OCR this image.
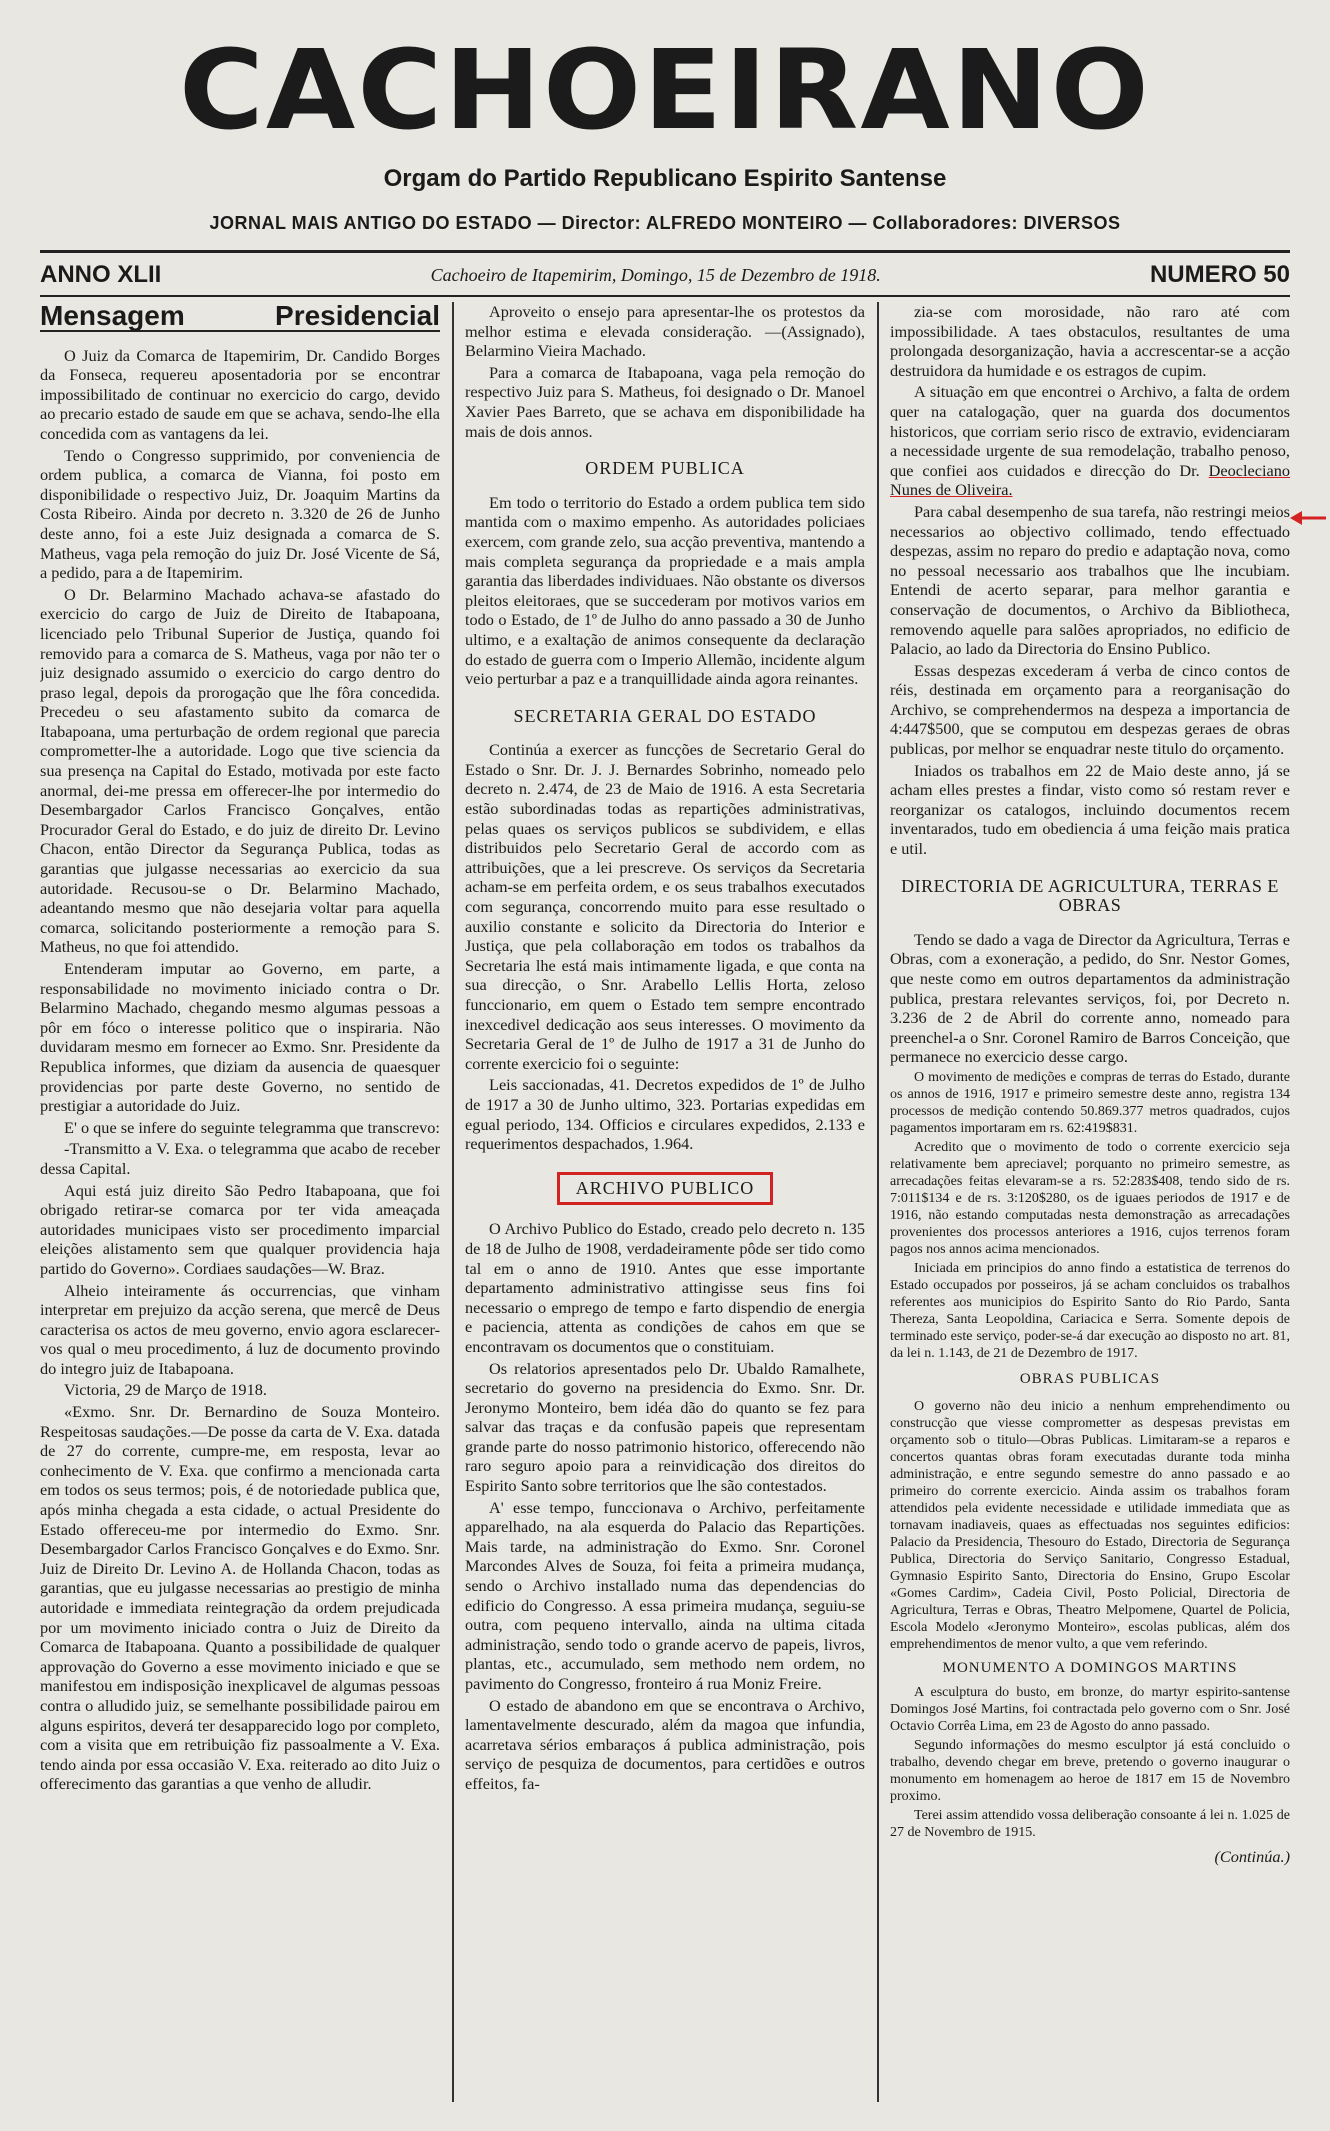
CACHOEIRANO
Orgam do Partido Republicano Espirito Santense
JORNAL MAIS ANTIGO DO ESTADO — Director: ALFREDO MONTEIRO — Collaboradores: DIVERSOS
ANNO XLII	Cachoeiro de Itapemirim, Domingo, 15 de Dezembro de 1918.	NUMERO 50
Mensagem	Presidencial

O Juiz da Comarca de Itapemirim, Dr. Candido Borges da Fonseca, requereu aposentadoria por se encontrar impossibilitado de continuar no exercicio do cargo, devido ao precario estado de saude em que se achava, sendo-lhe ella concedida com as vantagens da lei.

Tendo o Congresso supprimido, por conveniencia de ordem publica, a comarca de Vianna, foi posto em disponibilidade o respectivo Juiz, Dr. Joaquim Martins da Costa Ribeiro. Ainda por decreto n. 3.320 de 26 de Junho deste anno, foi a este Juiz designada a comarca de S. Matheus, vaga pela remoção do juiz Dr. José Vicente de Sá, a pedido, para a de Itapemirim.

O Dr. Belarmino Machado achava-se afastado do exercicio do cargo de Juiz de Direito de Itabapoana, licenciado pelo Tribunal Superior de Justiça, quando foi removido para a comarca de S. Matheus, vaga por não ter o juiz designado assumido o exercicio do cargo dentro do praso legal, depois da prorogação que lhe fôra concedida. Precedeu o seu afastamento subito da comarca de Itabapoana, uma perturbação de ordem regional que parecia comprometter-lhe a autoridade. Logo que tive sciencia da sua presença na Capital do Estado, motivada por este facto anormal, dei-me pressa em offerecer-lhe por intermedio do Desembargador Carlos Francisco Gonçalves, então Procurador Geral do Estado, e do juiz de direito Dr. Levino Chacon, então Director da Segurança Publica, todas as garantias que julgasse necessarias ao exercicio da sua autoridade. Recusou-se o Dr. Belarmino Machado, adeantando mesmo que não desejaria voltar para aquella comarca, solicitando posteriormente a remoção para S. Matheus, no que foi attendido.

Entenderam imputar ao Governo, em parte, a responsabilidade no movimento iniciado contra o Dr. Belarmino Machado, chegando mesmo algumas pessoas a pôr em fóco o interesse politico que o inspiraria. Não duvidaram mesmo em fornecer ao Exmo. Snr. Presidente da Republica informes, que diziam da ausencia de quaesquer providencias por parte deste Governo, no sentido de prestigiar a autoridade do Juiz.

E' o que se infere do seguinte telegramma que transcrevo:

-Transmitto a V. Exa. o telegramma que acabo de receber dessa Capital.

Aqui está juiz direito São Pedro Itabapoana, que foi obrigado retirar-se comarca por ter vida ameaçada autoridades municipaes visto ser procedimento imparcial eleições alistamento sem que qualquer providencia haja partido do Governo». Cordiaes saudações—W. Braz.

Alheio inteiramente ás occurrencias, que vinham interpretar em prejuizo da acção serena, que mercê de Deus caracterisa os actos de meu governo, envio agora esclarecer-vos qual o meu procedimento, á luz de documento provindo do integro juiz de Itabapoana.

Victoria, 29 de Março de 1918.

«Exmo. Snr. Dr. Bernardino de Souza Monteiro. Respeitosas saudações.—De posse da carta de V. Exa. datada de 27 do corrente, cumpre-me, em resposta, levar ao conhecimento de V. Exa. que confirmo a mencionada carta em todos os seus termos; pois, é de notoriedade publica que, após minha chegada a esta cidade, o actual Presidente do Estado offereceu-me por intermedio do Exmo. Snr. Desembargador Carlos Francisco Gonçalves e do Exmo. Snr. Juiz de Direito Dr. Levino A. de Hollanda Chacon, todas as garantias, que eu julgasse necessarias ao prestigio de minha autoridade e immediata reintegração da ordem prejudicada por um movimento iniciado contra o Juiz de Direito da Comarca de Itabapoana. Quanto a possibilidade de qualquer approvação do Governo a esse movimento iniciado e que se manifestou em indisposição inexplicavel de algumas pessoas contra o alludido juiz, se semelhante possibilidade pairou em alguns espiritos, deverá ter desapparecido logo por completo, com a visita que em retribuição fiz passoalmente a V. Exa. tendo ainda por essa occasião V. Exa. reiterado ao dito Juiz o offerecimento das garantias a que venho de alludir.

Aproveito o ensejo para apresentar-lhe os protestos da melhor estima e elevada consideração. —(Assignado), Belarmino Vieira Machado.

Para a comarca de Itabapoana, vaga pela remoção do respectivo Juiz para S. Matheus, foi designado o Dr. Manoel Xavier Paes Barreto, que se achava em disponibilidade ha mais de dois annos.

ORDEM PUBLICA

Em todo o territorio do Estado a ordem publica tem sido mantida com o maximo empenho. As autoridades policiaes exercem, com grande zelo, sua acção preventiva, mantendo a mais completa segurança da propriedade e a mais ampla garantia das liberdades individuaes. Não obstante os diversos pleitos eleitoraes, que se succederam por motivos varios em todo o Estado, de 1º de Julho do anno passado a 30 de Junho ultimo, e a exaltação de animos consequente da declaração do estado de guerra com o Imperio Allemão, incidente algum veio perturbar a paz e a tranquillidade ainda agora reinantes.

SECRETARIA GERAL DO ESTADO

Continúa a exercer as funcções de Secretario Geral do Estado o Snr. Dr. J. J. Bernardes Sobrinho, nomeado pelo decreto n. 2.474, de 23 de Maio de 1916. A esta Secretaria estão subordinadas todas as repartições administrativas, pelas quaes os serviços publicos se subdividem, e ellas distribuidos pelo Secretario Geral de accordo com as attribuições, que a lei prescreve. Os serviços da Secretaria acham-se em perfeita ordem, e os seus trabalhos executados com segurança, concorrendo muito para esse resultado o auxilio constante e solicito da Directoria do Interior e Justiça, que pela collaboração em todos os trabalhos da Secretaria lhe está mais intimamente ligada, e que conta na sua direcção, o Snr. Arabello Lellis Horta, zeloso funccionario, em quem o Estado tem sempre encontrado inexcedivel dedicação aos seus interesses. O movimento da Secretaria Geral de 1º de Julho de 1917 a 31 de Junho do corrente exercicio foi o seguinte:

Leis saccionadas, 41. Decretos expedidos de 1º de Julho de 1917 a 30 de Junho ultimo, 323. Portarias expedidas em egual periodo, 134. Officios e circulares expedidos, 2.133 e requerimentos despachados, 1.964.

ARCHIVO PUBLICO

O Archivo Publico do Estado, creado pelo decreto n. 135 de 18 de Julho de 1908, verdadeiramente pôde ser tido como tal em o anno de 1910. Antes que esse importante departamento administrativo attingisse seus fins foi necessario o emprego de tempo e farto dispendio de energia e paciencia, attenta as condições de cahos em que se encontravam os documentos que o constituiam.

Os relatorios apresentados pelo Dr. Ubaldo Ramalhete, secretario do governo na presidencia do Exmo. Snr. Dr. Jeronymo Monteiro, bem idéa dão do quanto se fez para salvar das traças e da confusão papeis que representam grande parte do nosso patrimonio historico, offerecendo não raro seguro apoio para a reinvidicação dos direitos do Espirito Santo sobre territorios que lhe são contestados.

A' esse tempo, funccionava o Archivo, perfeitamente apparelhado, na ala esquerda do Palacio das Repartições. Mais tarde, na administração do Exmo. Snr. Coronel Marcondes Alves de Souza, foi feita a primeira mudança, sendo o Archivo installado numa das dependencias do edificio do Congresso. A essa primeira mudança, seguiu-se outra, com pequeno intervallo, ainda na ultima citada administração, sendo todo o grande acervo de papeis, livros, plantas, etc., accumulado, sem methodo nem ordem, no pavimento do Congresso, fronteiro á rua Moniz Freire.

O estado de abandono em que se encontrava o Archivo, lamentavelmente descurado, além da magoa que infundia, acarretava sérios embaraços á publica administração, pois serviço de pesquiza de documentos, para certidões e outros effeitos, fa-

zia-se com morosidade, não raro até com impossibilidade. A taes obstaculos, resultantes de uma prolongada desorganização, havia a accrescentar-se a acção destruidora da humidade e os estragos de cupim.

A situação em que encontrei o Archivo, a falta de ordem quer na catalogação, quer na guarda dos documentos historicos, que corriam serio risco de extravio, evidenciaram a necessidade urgente de sua remodelação, trabalho penoso, que confiei aos cuidados e direcção do Dr. Deocleciano Nunes de Oliveira.

Para cabal desempenho de sua tarefa, não restringi meios necessarios ao objectivo collimado, tendo effectuado despezas, assim no reparo do predio e adaptação nova, como no pessoal necessario aos trabalhos que lhe incubiam. Entendi de acerto separar, para melhor garantia e conservação de documentos, o Archivo da Bibliotheca, removendo aquelle para salões apropriados, no edificio de Palacio, ao lado da Directoria do Ensino Publico.

Essas despezas excederam á verba de cinco contos de réis, destinada em orçamento para a reorganisação do Archivo, se comprehendermos na despeza a importancia de 4:447$500, que se computou em despezas geraes de obras publicas, por melhor se enquadrar neste titulo do orçamento.

Iniados os trabalhos em 22 de Maio deste anno, já se acham elles prestes a findar, visto como só restam rever e reorganizar os catalogos, incluindo documentos recem inventarados, tudo em obediencia á uma feição mais pratica e util.

DIRECTORIA DE AGRICULTURA, TERRAS E OBRAS

Tendo se dado a vaga de Director da Agricultura, Terras e Obras, com a exoneração, a pedido, do Snr. Nestor Gomes, que neste como em outros departamentos da administração publica, prestara relevantes serviços, foi, por Decreto n. 3.236 de 2 de Abril do corrente anno, nomeado para preenchel-a o Snr. Coronel Ramiro de Barros Conceição, que permanece no exercicio desse cargo.

O movimento de medições e compras de terras do Estado, durante os annos de 1916, 1917 e primeiro semestre deste anno, registra 134 processos de medição contendo 50.869.377 metros quadrados, cujos pagamentos importaram em rs. 62:419$831.

Acredito que o movimento de todo o corrente exercicio seja relativamente bem apreciavel; porquanto no primeiro semestre, as arrecadações feitas elevaram-se a rs. 52:283$408, tendo sido de rs. 7:011$134 e de rs. 3:120$280, os de iguaes periodos de 1917 e de 1916, não estando computadas nesta demonstração as arrecadações provenientes dos processos anteriores a 1916, cujos terrenos foram pagos nos annos acima mencionados.

Iniciada em principios do anno findo a estatistica de terrenos do Estado occupados por posseiros, já se acham concluidos os trabalhos referentes aos municipios do Espirito Santo do Rio Pardo, Santa Thereza, Santa Leopoldina, Cariacica e Serra. Somente depois de terminado este serviço, poder-se-á dar execução ao disposto no art. 81, da lei n. 1.143, de 21 de Dezembro de 1917.

OBRAS PUBLICAS

O governo não deu inicio a nenhum emprehendimento ou construcção que viesse comprometter as despesas previstas em orçamento sob o titulo—Obras Publicas. Limitaram-se a reparos e concertos quantas obras foram executadas durante toda minha administração, e entre segundo semestre do anno passado e ao primeiro do corrente exercicio. Ainda assim os trabalhos foram attendidos pela evidente necessidade e utilidade immediata que as tornavam inadiaveis, quaes as effectuadas nos seguintes edificios: Palacio da Presidencia, Thesouro do Estado, Directoria de Segurança Publica, Directoria do Serviço Sanitario, Congresso Estadual, Gymnasio Espirito Santo, Directoria do Ensino, Grupo Escolar «Gomes Cardim», Cadeia Civil, Posto Policial, Directoria de Agricultura, Terras e Obras, Theatro Melpomene, Quartel de Policia, Escola Modelo «Jeronymo Monteiro», escolas publicas, além dos emprehendimentos de menor vulto, a que vem referindo.

MONUMENTO A DOMINGOS MARTINS

A esculptura do busto, em bronze, do martyr espirito-santense Domingos José Martins, foi contractada pelo governo com o Snr. José Octavio Corrêa Lima, em 23 de Agosto do anno passado.

Segundo informações do mesmo esculptor já está concluido o trabalho, devendo chegar em breve, pretendo o governo inaugurar o monumento em homenagem ao heroe de 1817 em 15 de Novembro proximo.

Terei assim attendido vossa deliberação consoante á lei n. 1.025 de 27 de Novembro de 1915.

(Continúa.)
